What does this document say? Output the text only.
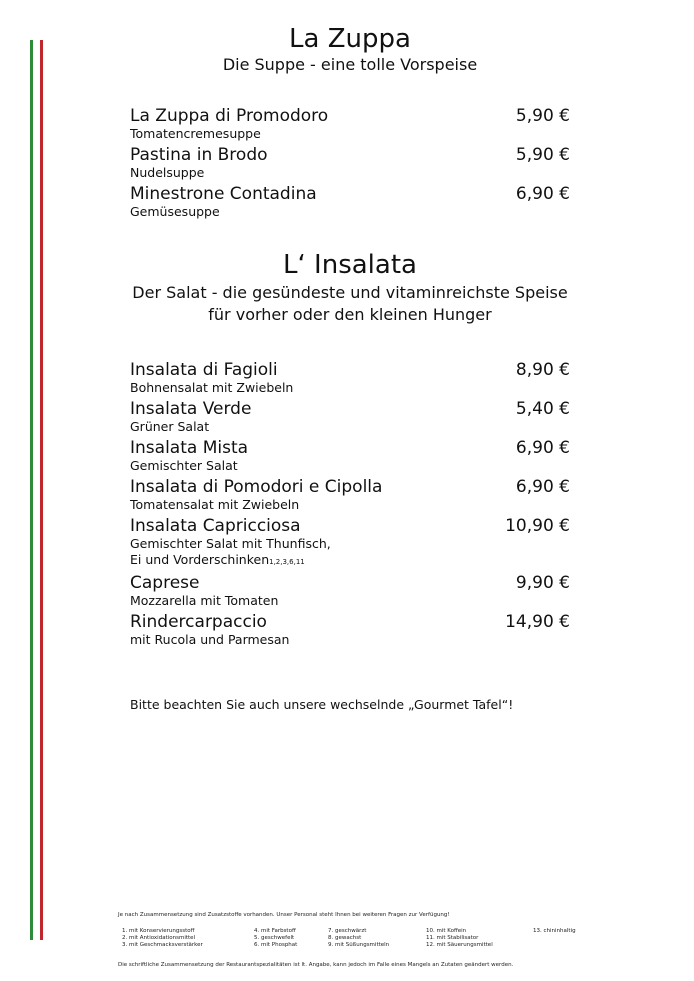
La Zuppa
Die Suppe - eine tolle Vorspeise
La Zuppa di Promodoro	5,90 €
Tomatencremesuppe
Pastina in Brodo	5,90 €
Nudelsuppe
Minestrone Contadina	6,90 €
Gemüsesuppe
L‘ Insalata
Der Salat - die gesündeste und vitaminreichste Speise
für vorher oder den kleinen Hunger
Insalata di Fagioli	8,90 €
Bohnensalat mit Zwiebeln
Insalata Verde	5,40 €
Grüner Salat
Insalata Mista	6,90 €
Gemischter Salat
Insalata di Pomodori e Cipolla	6,90 €
Tomatensalat mit Zwiebeln
Insalata Capricciosa	10,90 €
Gemischter Salat mit Thunfisch,
Ei und Vorderschinken1,2,3,6,11
Caprese	9,90 €
Mozzarella mit Tomaten
Rindercarpaccio	14,90 €
mit Rucola und Parmesan
Bitte beachten Sie auch unsere wechselnde „Gourmet Tafel“!
Je nach Zusammensetzung sind Zusatzstoffe vorhanden. Unser Personal steht Ihnen bei weiteren Fragen zur Verfügung!
1. mit Konservierungsstoff
2. mit Antioxidationsmittel
3. mit Geschmacksverstärker
4. mit Farbstoff
5. geschwefelt
6. mit Phosphat
7. geschwärzt
8. gewachst
9. mit Süßungsmitteln
10. mit Koffein
11. mit Stabilisator
12. mit Säuerungsmittel
13. chininhaltig
Die schriftliche Zusammensetzung der Restaurantspezialitäten ist lt. Angabe, kann jedoch im Falle eines Mangels an Zutaten geändert werden.
